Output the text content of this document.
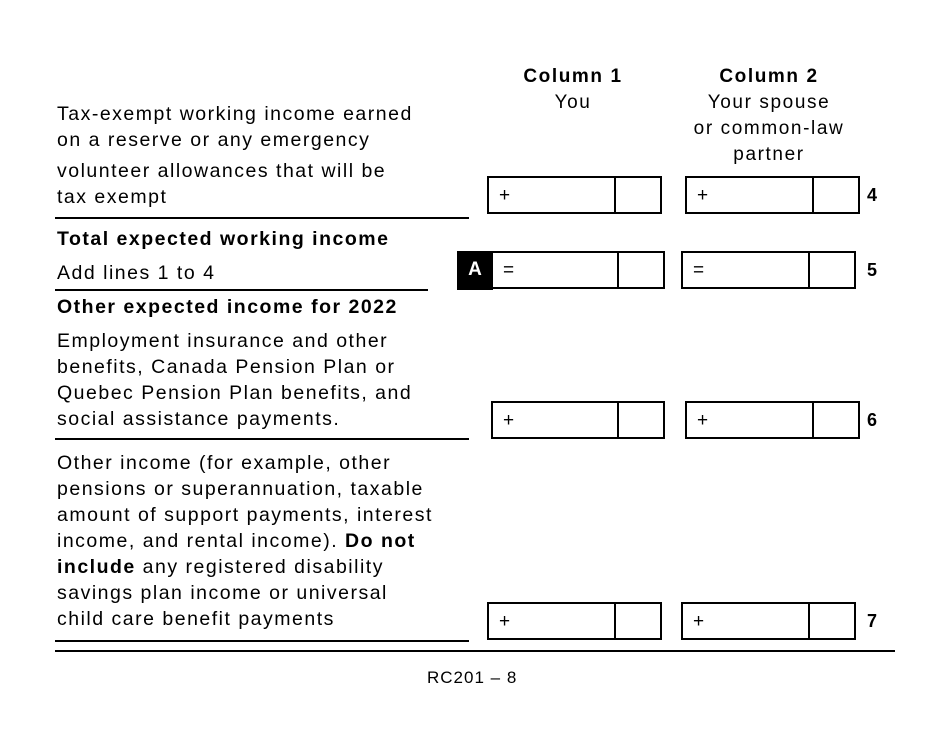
Column 1
You
Column 2
Your spouse
or common-law
partner
Tax-exempt working income earned
on a reserve or any emergency
volunteer allowances that will be
tax exempt	+	+	4
Total expected working income
Add lines 1 to 4	A	=	=	5
Other expected income for 2022
Employment insurance and other
benefits, Canada Pension Plan or
Quebec Pension Plan benefits, and
social assistance payments.	+	+	6
Other income (for example, other
pensions or superannuation, taxable
amount of support payments, interest
income, and rental income). Do not
include any registered disability
savings plan income or universal
child care benefit payments	+	+	7
RC201 – 8
